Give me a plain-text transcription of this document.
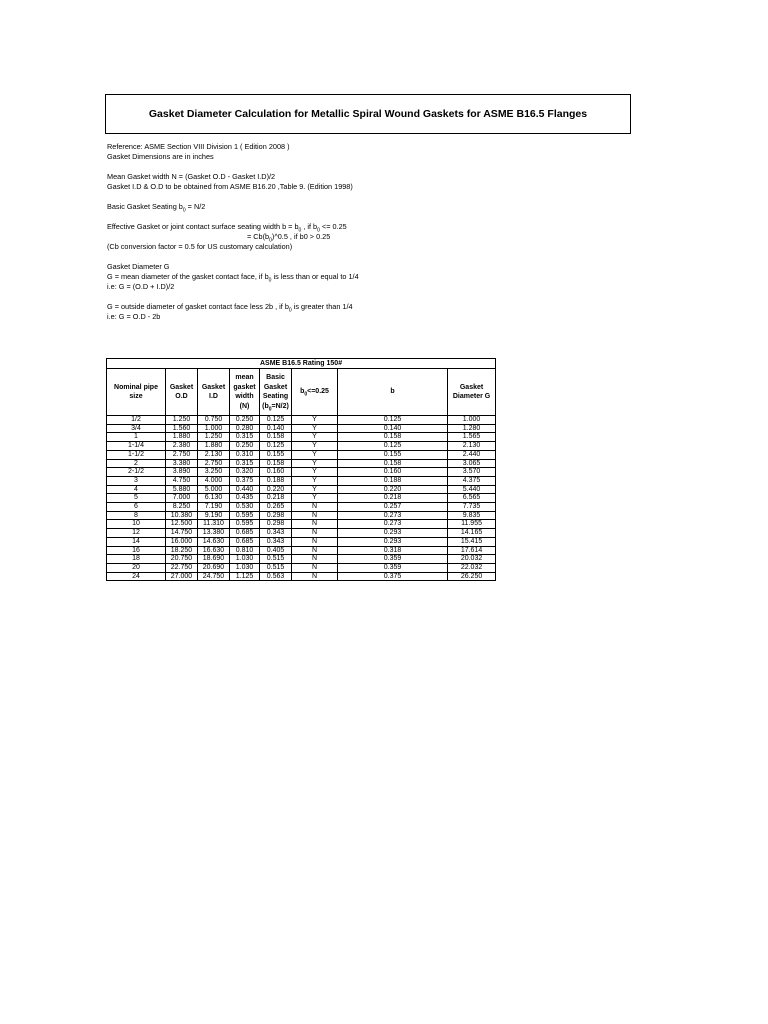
Gasket Diameter Calculation for Metallic Spiral Wound Gaskets for ASME B16.5 Flanges

Reference: ASME Section VIII Division 1 ( Edition 2008 )

Gasket Dimensions are in inches

Mean Gasket width N = (Gasket O.D - Gasket I.D)/2

Gasket I.D & O.D to be obtained from ASME B16.20 ,Table 9. (Edition 1998)

Basic Gasket Seating $b_0 = N/2$

Effective Gasket or joint contact surface seating width $b = b_0$ , if $b_0 <= 0.25$

= $Cb(b_0)\^{}0.5$ , if b0 > 0.25

(Cb conversion factor = 0.5 for US customary calculation)

Gasket Diameter G

G = mean diameter of the gasket contact face, if $b_0$ is less than or equal to 1/4

i.e: G = (O.D + I.D)/2

G = outside diameter of gasket contact face less 2b , if $b_0$ is greater than 1/4

i.e: G = O.D - 2b

ASME B16.5 Rating 150#							
Nominal pipe size	Gasket O.D	Gasket I.D	mean gasket width (N)	Basic Gasket Seating $(b_0=N/2)$	$b_0<=0.25$	b	Gasket Diameter G
1/2	1.250	0.750	0.250	0.125	Y	0.125	1.000
3/4	1.560	1.000	0.280	0.140	Y	0.140	1.280
1	1.880	1.250	0.315	0.158	Y	0.158	1.565
1-1/4	2.380	1.880	0.250	0.125	Y	0.125	2.130
1-1/2	2.750	2.130	0.310	0.155	Y	0.155	2.440
2	3.380	2.750	0.315	0.158	Y	0.158	3.065
2-1/2	3.890	3.250	0.320	0.160	Y	0.160	3.570
3	4.750	4.000	0.375	0.188	Y	0.188	4.375
4	5.880	5.000	0.440	0.220	Y	0.220	5.440
5	7.000	6.130	0.435	0.218	Y	0.218	6.565
6	8.250	7.190	0.530	0.265	N	0.257	7.735
8	10.380	9.190	0.595	0.298	N	0.273	9.835
10	12.500	11.310	0.595	0.298	N	0.273	11.955
12	14.750	13.380	0.685	0.343	N	0.293	14.165
14	16.000	14.630	0.685	0.343	N	0.293	15.415
16	18.250	16.630	0.810	0.405	N	0.318	17.614
18	20.750	18.690	1.030	0.515	N	0.359	20.032
20	22.750	20.690	1.030	0.515	N	0.359	22.032
24	27.000	24.750	1.125	0.563	N	0.375	26.250
